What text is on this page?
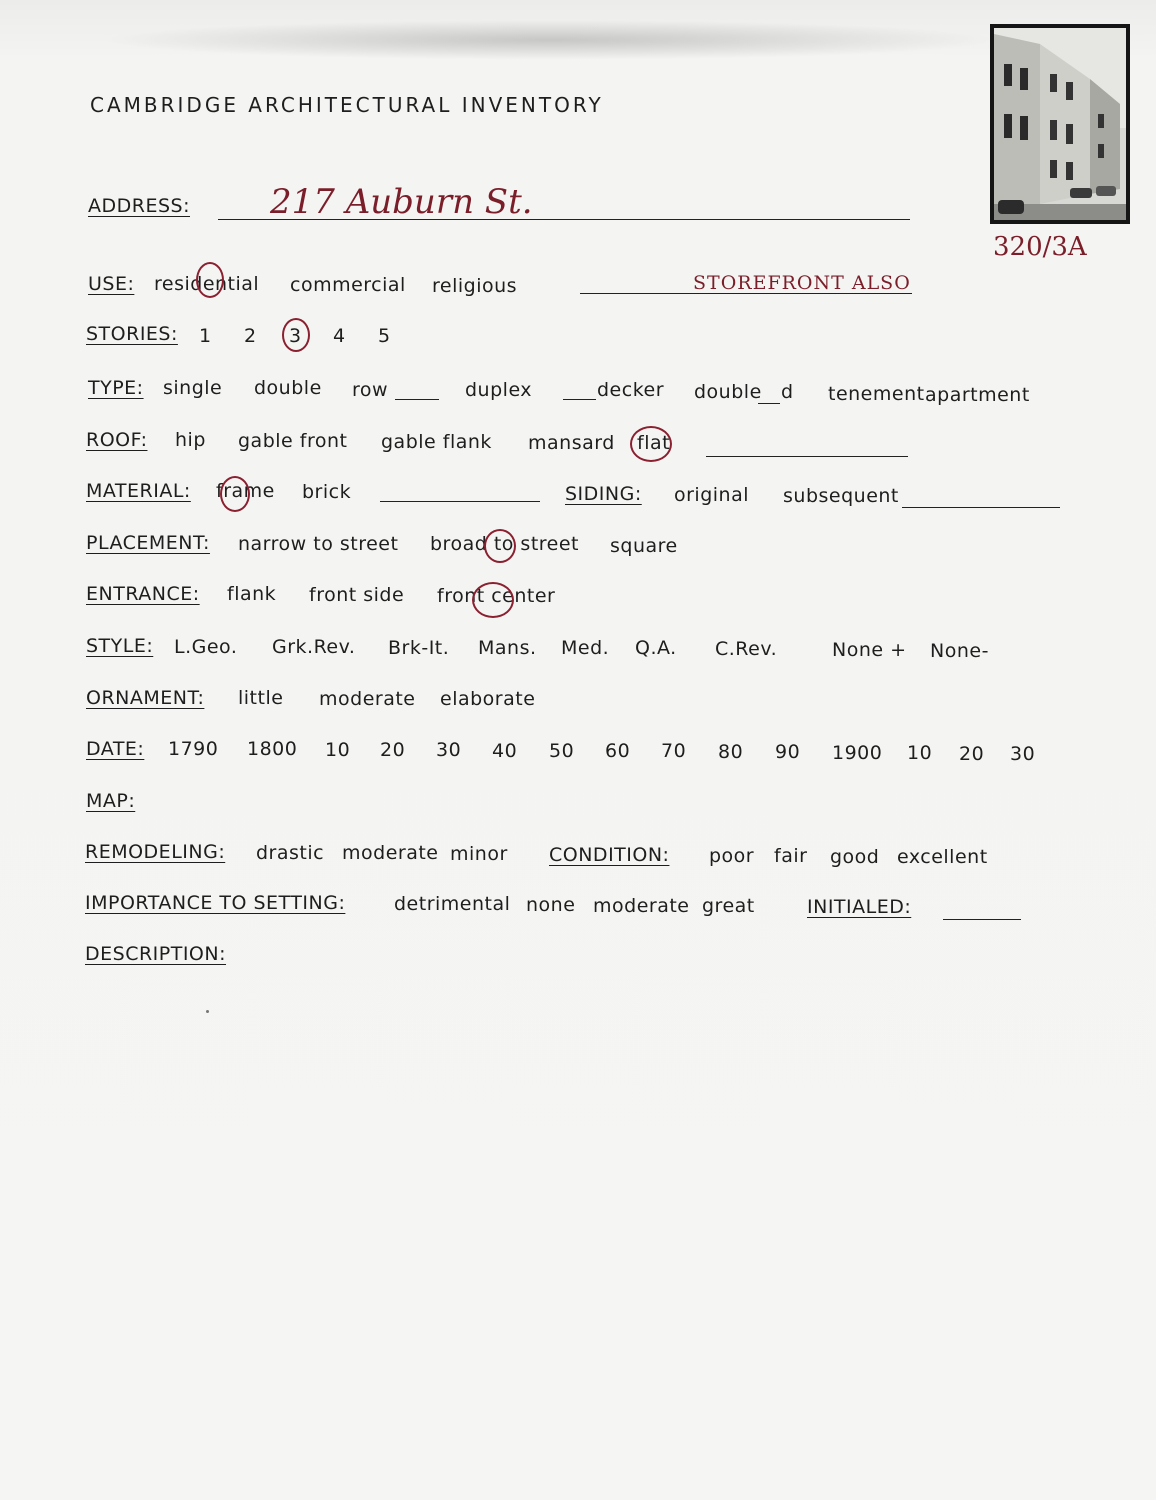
320/3A
CAMBRIDGE ARCHITECTURAL INVENTORY
ADDRESS: 217 Auburn St.
USE: residential commercial religious	STOREFRONT ALSO
STORIES: 1 2 3 4 5
TYPE: single double row	duplex	decker double d tenement apartment
ROOF: hip gable front gable flank mansard flat
MATERIAL: frame brick	SIDING: original subsequent
PLACEMENT: narrow to street broad to street square
ENTRANCE: flank front side front center
STYLE: L.Geo. Grk.Rev. Brk-It. Mans. Med. Q.A. C.Rev.	None + None-
ORNAMENT: little moderate elaborate
DATE: 1790 1800 10 20 30 40 50 60 70 80 90 1900 10 20 30
MAP:
REMODELING: drastic moderate minor CONDITION: poor fair good excellent
IMPORTANCE TO SETTING:	detrimental none moderate great	INITIALED:
DESCRIPTION:
